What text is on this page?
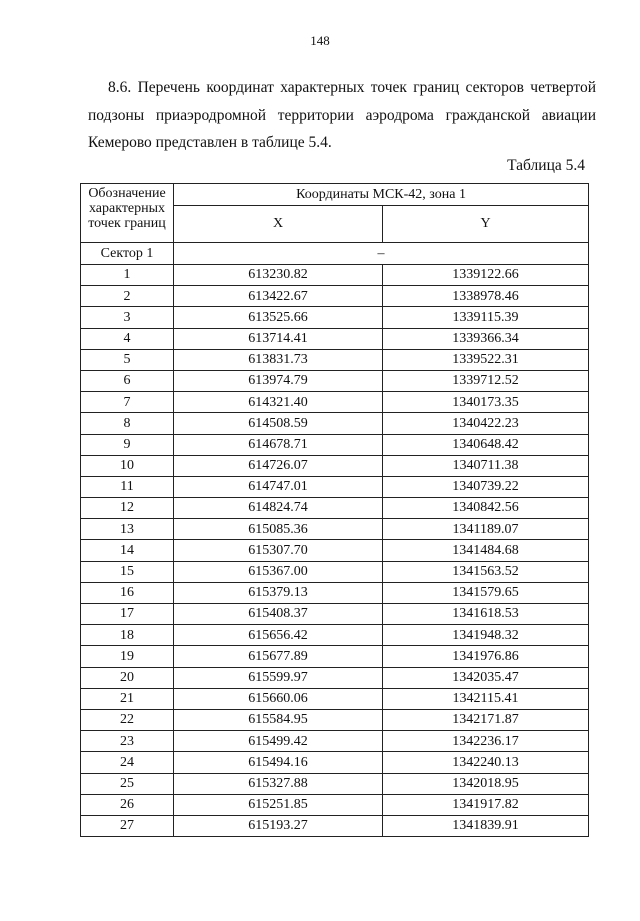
148

8.6. Перечень координат характерных точек границ секторов четвертой подзоны приаэродромной территории аэродрома гражданской авиации Кемерово представлен в таблице 5.4.

Таблица 5.4
Обозначение характерных точек границ	Координаты МСК-42, зона 1	
	X	Y
Сектор 1	–	
1	613230.82	1339122.66
2	613422.67	1338978.46
3	613525.66	1339115.39
4	613714.41	1339366.34
5	613831.73	1339522.31
6	613974.79	1339712.52
7	614321.40	1340173.35
8	614508.59	1340422.23
9	614678.71	1340648.42
10	614726.07	1340711.38
11	614747.01	1340739.22
12	614824.74	1340842.56
13	615085.36	1341189.07
14	615307.70	1341484.68
15	615367.00	1341563.52
16	615379.13	1341579.65
17	615408.37	1341618.53
18	615656.42	1341948.32
19	615677.89	1341976.86
20	615599.97	1342035.47
21	615660.06	1342115.41
22	615584.95	1342171.87
23	615499.42	1342236.17
24	615494.16	1342240.13
25	615327.88	1342018.95
26	615251.85	1341917.82
27	615193.27	1341839.91
